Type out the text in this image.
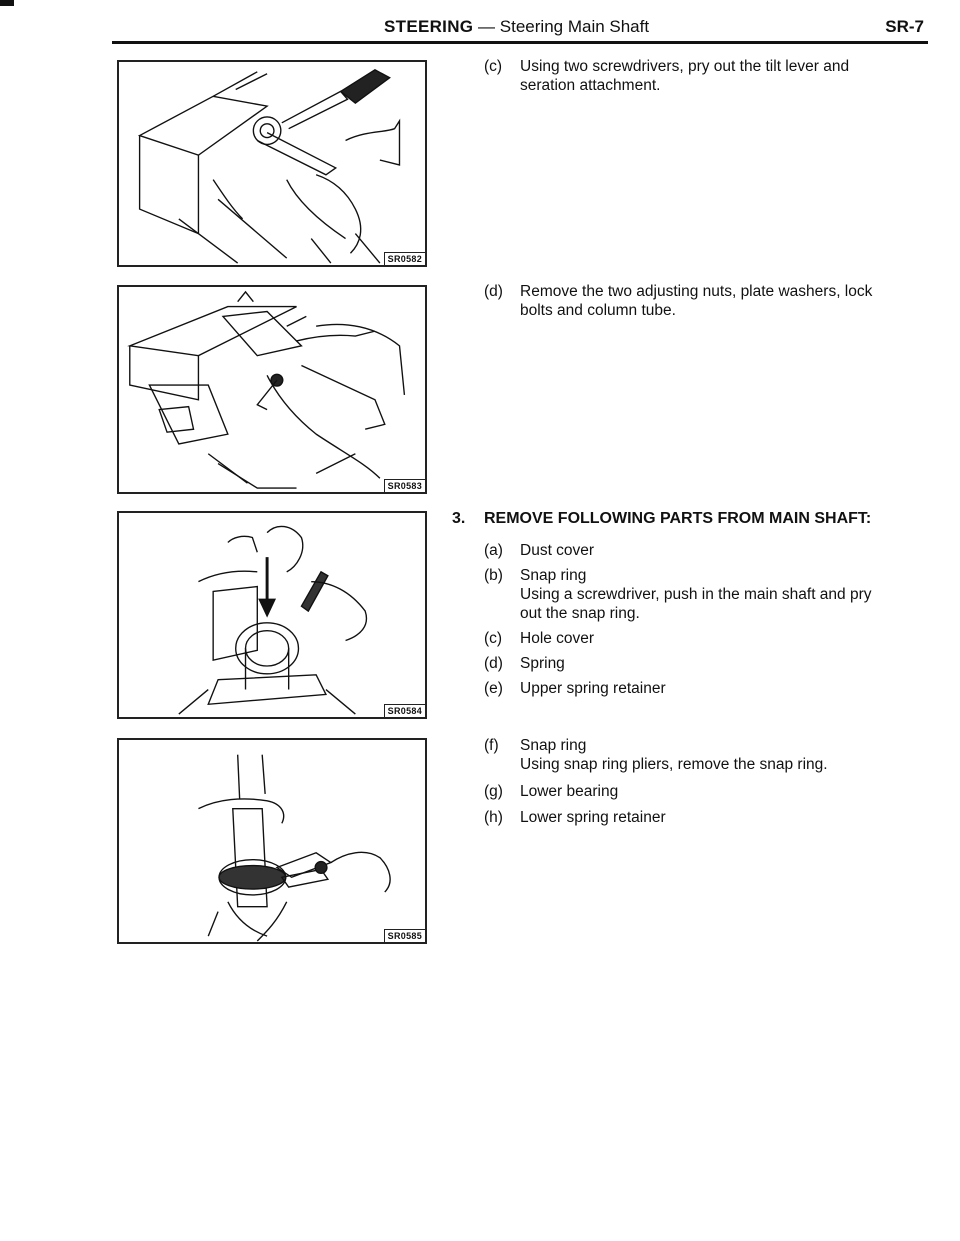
STEERING — Steering Main Shaft	SR-7
SR0582
SR0583
SR0584
SR0585
(c) Using two screwdrivers, pry out the tilt lever and
seration attachment.
(d) Remove the two adjusting nuts, plate washers, lock
bolts and column tube.
3. REMOVE FOLLOWING PARTS FROM MAIN SHAFT:
(a) Dust cover
(b) Snap ring
Using a screwdriver, push in the main shaft and pry
out the snap ring.
(c) Hole cover
(d) Spring
(e) Upper spring retainer
(f) Snap ring
Using snap ring pliers, remove the snap ring.
(g) Lower bearing
(h) Lower spring retainer
